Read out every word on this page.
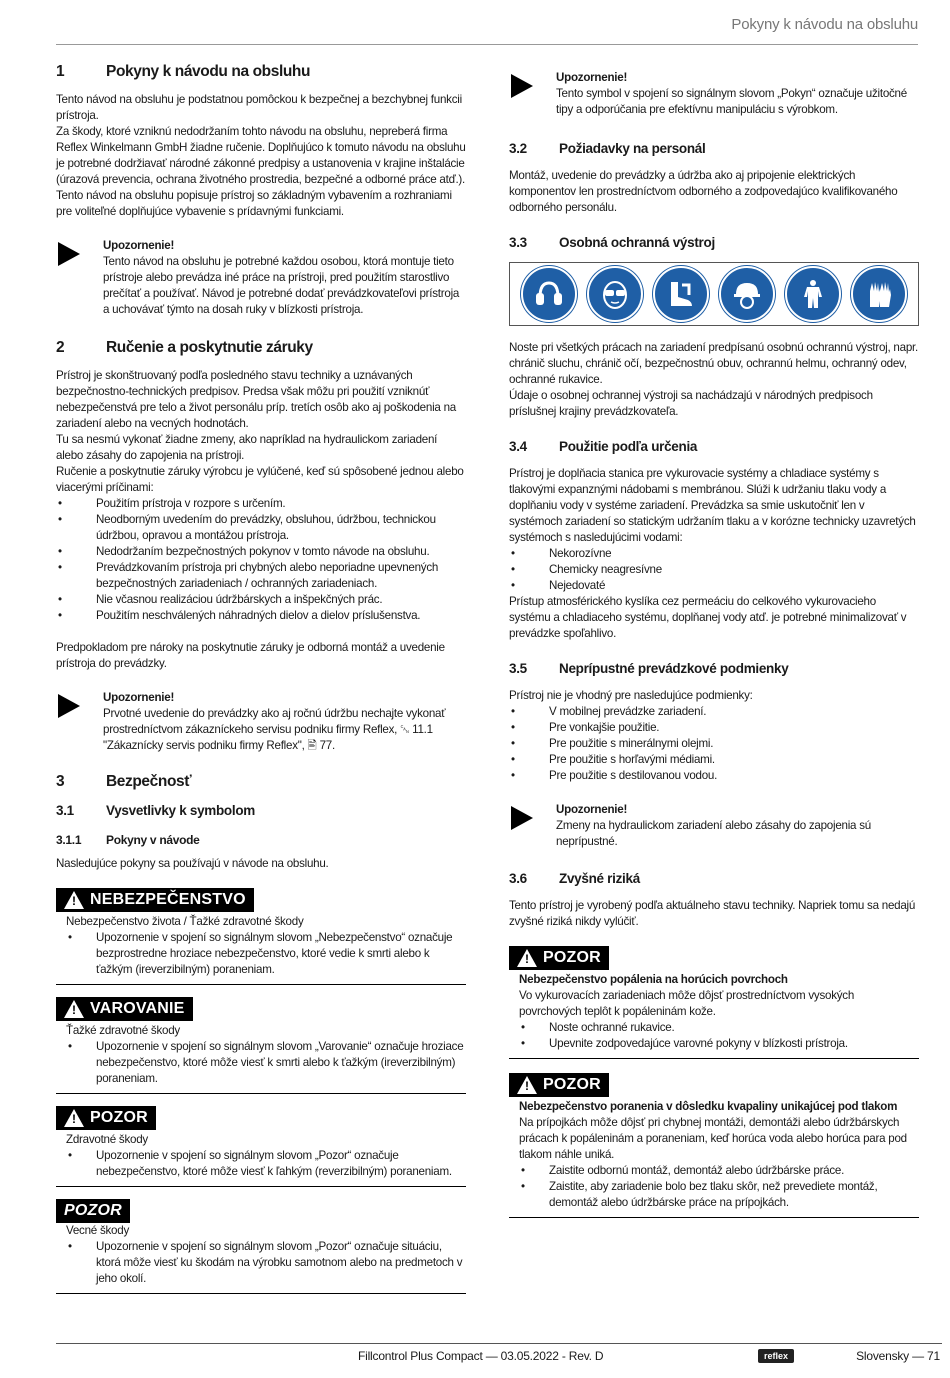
Pokyny k návodu na obsluhu
1	Pokyny k návodu na obsluhu

Tento návod na obsluhu je podstatnou pomôckou k bezpečnej a bezchybnej funkcii prístroja.

Za škody, ktoré vzniknú nedodržaním tohto návodu na obsluhu, nepreberá firma Reflex Winkelmann GmbH žiadne ručenie. Doplňujúco k tomuto návodu na obsluhu je potrebné dodržiavať národné zákonné predpisy a ustanovenia v krajine inštalácie (úrazová prevencia, ochrana životného prostredia, bezpečné a odborné práce atď.).

Tento návod na obsluhu popisuje prístroj so základným vybavením a rozhraniami pre voliteľné doplňujúce vybavenie s prídavnými funkciami.

Upozornenie!
Tento návod na obsluhu je potrebné každou osobou, ktorá montuje tieto prístroje alebo prevádza iné práce na prístroji, pred použitím starostlivo prečítať a používať. Návod je potrebné dodať prevádzkovateľovi prístroja a uchovávať týmto na dosah ruky v blízkosti prístroja.
2	Ručenie a poskytnutie záruky

Prístroj je skonštruovaný podľa posledného stavu techniky a uznávaných bezpečnostno-technických predpisov. Predsa však môžu pri použití vzniknúť nebezpečenstvá pre telo a život personálu príp. tretích osôb ako aj poškodenia na zariadení alebo na vecných hodnotách.

Tu sa nesmú vykonať žiadne zmeny, ako napríklad na hydraulickom zariadení alebo zásahy do zapojenia na prístroji.

Ručenie a poskytnutie záruky výrobcu je vylúčené, keď sú spôsobené jednou alebo viacerými príčinami:

• Použitím prístroja v rozpore s určením.
• Neodborným uvedením do prevádzky, obsluhou, údržbou, technickou údržbou, opravou a montážou prístroja.
• Nedodržaním bezpečnostných pokynov v tomto návode na obsluhu.
• Prevádzkovaním prístroja pri chybných alebo neporiadne upevnených bezpečnostných zariadeniach / ochranných zariadeniach.
• Nie včasnou realizáciou údržbárskych a inšpekčných prác.
• Použitím neschválených náhradných dielov a dielov príslušenstva.

Predpokladom pre nároky na poskytnutie záruky je odborná montáž a uvedenie prístroja do prevádzky.

Upozornenie!
Prvotné uvedenie do prevádzky ako aj ročnú údržbu nechajte vykonať prostredníctvom zákazníckeho servisu podniku firmy Reflex, ␘ 11.1 "Zákaznícky servis podniku firmy Reflex", 🖹 77.
3	Bezpečnosť
3.1	Vysvetlivky k symbolom
3.1.1	Pokyny v návode

Nasledujúce pokyny sa používajú v návode na obsluhu.

!
NEBEZPEČENSTVO
Nebezpečenstvo života / Ťažké zdravotné škody
• Upozornenie v spojení so signálnym slovom „Nebezpečenstvo“ označuje bezprostredne hroziace nebezpečenstvo, ktoré vedie k smrti alebo k ťažkým (ireverzibilným) poraneniam.
!
VAROVANIE
Ťažké zdravotné škody
• Upozornenie v spojení so signálnym slovom „Varovanie“ označuje hroziace nebezpečenstvo, ktoré môže viesť k smrti alebo k ťažkým (ireverzibilným) poraneniam.
!
POZOR
Zdravotné škody
• Upozornenie v spojení so signálnym slovom „Pozor“ označuje nebezpečenstvo, ktoré môže viesť k ľahkým (reverzibilným) poraneniam.
POZOR
Vecné škody
• Upozornenie v spojení so signálnym slovom „Pozor“ označuje situáciu, ktorá môže viesť ku škodám na výrobku samotnom alebo na predmetoch v jeho okolí.
Upozornenie!
Tento symbol v spojení so signálnym slovom „Pokyn“ označuje užitočné tipy a odporúčania pre efektívnu manipuláciu s výrobkom.
3.2	Požiadavky na personál

Montáž, uvedenie do prevádzky a údržba ako aj pripojenie elektrických komponentov len prostredníctvom odborného a zodpovedajúco kvalifikovaného odborného personálu.

3.3	Osobná ochranná výstroj

Noste pri všetkých prácach na zariadení predpísanú osobnú ochrannú výstroj, napr. chránič sluchu, chránič očí, bezpečnostnú obuv, ochrannú helmu, ochranný odev, ochranné rukavice.

Údaje o osobnej ochrannej výstroji sa nachádzajú v národných predpisoch príslušnej krajiny prevádzkovateľa.

3.4	Použitie podľa určenia

Prístroj je doplňacia stanica pre vykurovacie systémy a chladiace systémy s tlakovými expanznými nádobami s membránou. Slúži k udržaniu tlaku vody a doplňaniu vody v systéme zariadení. Prevádzka sa smie uskutočniť len v systémoch zariadení so statickým udržaním tlaku a v korózne technicky uzavretých systémoch s nasledujúcimi vodami:

• Nekorozívne
• Chemicky neagresívne
• Nejedovaté

Prístup atmosférického kyslíka cez permeáciu do celkového vykurovacieho systému a chladiaceho systému, doplňanej vody atď. je potrebné minimalizovať v prevádzke spoľahlivo.

3.5	Neprípustné prevádzkové podmienky

Prístroj nie je vhodný pre nasledujúce podmienky:

• V mobilnej prevádzke zariadení.
• Pre vonkajšie použitie.
• Pre použitie s minerálnymi olejmi.
• Pre použitie s horľavými médiami.
• Pre použitie s destilovanou vodou.
Upozornenie!
Zmeny na hydraulickom zariadení alebo zásahy do zapojenia sú neprípustné.
3.6	Zvyšné riziká

Tento prístroj je vyrobený podľa aktuálneho stavu techniky. Napriek tomu sa nedajú zvyšné riziká nikdy vylúčiť.

!
POZOR
Nebezpečenstvo popálenia na horúcich povrchoch

Vo vykurovacích zariadeniach môže dôjsť prostredníctvom vysokých povrchových teplôt k popáleninám kože.

• Noste ochranné rukavice.
• Upevnite zodpovedajúce varovné pokyny v blízkosti prístroja.
!
POZOR
Nebezpečenstvo poranenia v dôsledku kvapaliny unikajúcej pod tlakom

Na prípojkách môže dôjsť pri chybnej montáži, demontáži alebo údržbárskych prácach k popáleninám a poraneniam, keď horúca voda alebo horúca para pod tlakom náhle uniká.

• Zaistite odbornú montáž, demontáž alebo údržbárske práce.
• Zaistite, aby zariadenie bolo bez tlaku skôr, než prevediete montáž, demontáž alebo údržbárske práce na prípojkách.
Fillcontrol Plus Compact — 03.05.2022 - Rev. D	reflex	Slovensky — 71
